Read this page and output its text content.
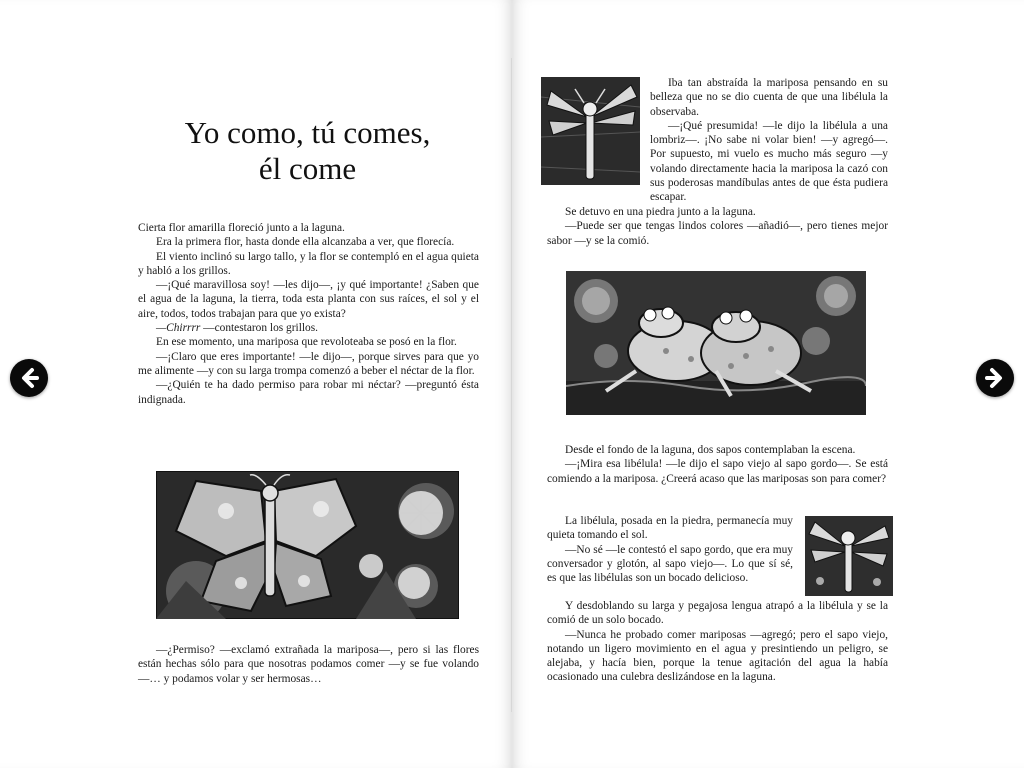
Yo como, tú comes,
él come

Cierta flor amarilla floreció junto a la laguna.

Era la primera flor, hasta donde ella alcanzaba a ver, que florecía.

El viento inclinó su largo tallo, y la flor se contempló en el agua quieta y habló a los grillos.

—¡Qué maravillosa soy! —les dijo—, ¡y qué importante! ¿Saben que el agua de la laguna, la tierra, toda esta planta con sus raíces, el sol y el aire, todos, todos trabajan para que yo exista?

—Chirrrr —contestaron los grillos.

En ese momento, una mariposa que revoloteaba se posó en la flor.

—¡Claro que eres importante! —le dijo—, porque sirves para que yo me alimente —y con su larga trompa comenzó a beber el néctar de la flor.

—¿Quién te ha dado permiso para robar mi néctar? —preguntó ésta indignada.

—¿Permiso? —exclamó extrañada la mariposa—, pero si las flores están hechas sólo para que nosotras podamos comer —y se fue volando—… y podamos volar y ser hermosas…

Iba tan abstraída la mariposa pensando en su belleza que no se dio cuenta de que una libélula la observaba.

—¡Qué presumida! —le dijo la libélula a una lombriz—. ¡No sabe ni volar bien! —y agregó—. Por supuesto, mi vuelo es mucho más seguro —y volando directamente hacia la mariposa la cazó con sus poderosas mandíbulas antes de que ésta pudiera escapar.

Se detuvo en una piedra junto a la laguna.

—Puede ser que tengas lindos colores —añadió—, pero tienes mejor sabor —y se la comió.

Desde el fondo de la laguna, dos sapos contemplaban la escena.

—¡Mira esa libélula! —le dijo el sapo viejo al sapo gordo—. Se está comiendo a la mariposa. ¿Creerá acaso que las mariposas son para comer?

La libélula, posada en la piedra, permanecía muy quieta tomando el sol.

—No sé —le contestó el sapo gordo, que era muy conversador y glotón, al sapo viejo—. Lo que sí sé, es que las libélulas son un bocado delicioso.

Y desdoblando su larga y pegajosa lengua atrapó a la libélula y se la comió de un solo bocado.

—Nunca he probado comer mariposas —agregó; pero el sapo viejo, notando un ligero movimiento en el agua y presintiendo un peligro, se alejaba, y hacía bien, porque la tenue agitación del agua la había ocasionado una culebra deslizándose en la laguna.
